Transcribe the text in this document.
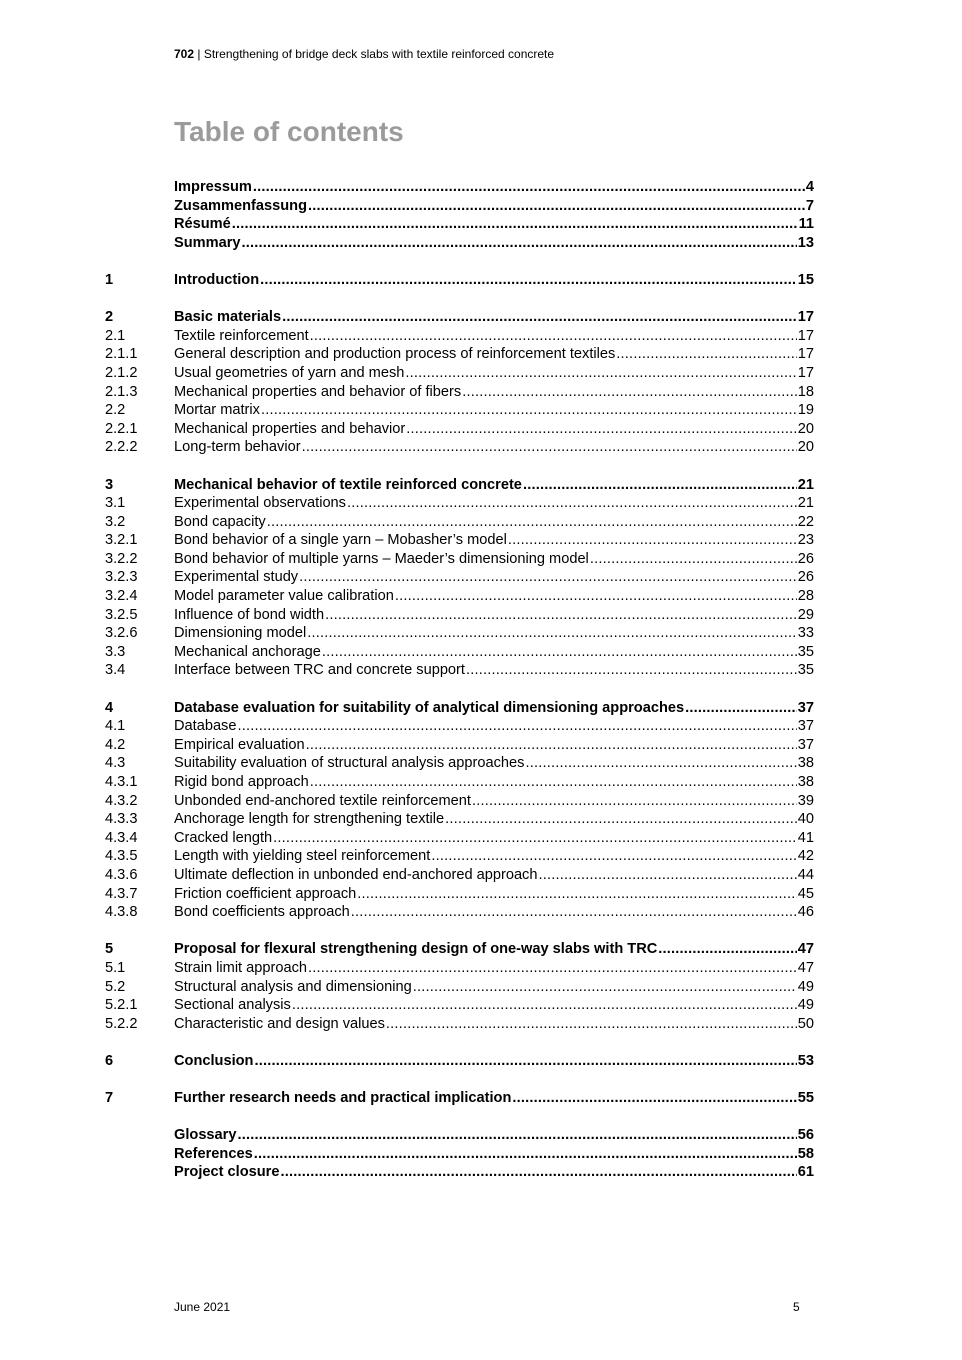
702 | Strengthening of bridge deck slabs with textile reinforced concrete
Table of contents
Impressum .....	4
Zusammenfassung .....	7
Résumé .....	11
Summary .....	13
1	Introduction .....	15
2	Basic materials .....	17
2.1	Textile reinforcement .....	17
2.1.1	General description and production process of reinforcement textiles .....	17
2.1.2	Usual geometries of yarn and mesh .....	17
2.1.3	Mechanical properties and behavior of fibers .....	18
2.2	Mortar matrix .....	19
2.2.1	Mechanical properties and behavior .....	20
2.2.2	Long-term behavior .....	20
3	Mechanical behavior of textile reinforced concrete .....	21
3.1	Experimental observations .....	21
3.2	Bond capacity .....	22
3.2.1	Bond behavior of a single yarn – Mobasher’s model .....	23
3.2.2	Bond behavior of multiple yarns – Maeder’s dimensioning model .....	26
3.2.3	Experimental study .....	26
3.2.4	Model parameter value calibration .....	28
3.2.5	Influence of bond width .....	29
3.2.6	Dimensioning model .....	33
3.3	Mechanical anchorage .....	35
3.4	Interface between TRC and concrete support .....	35
4	Database evaluation for suitability of analytical dimensioning approaches .....	37
4.1	Database .....	37
4.2	Empirical evaluation .....	37
4.3	Suitability evaluation of structural analysis approaches .....	38
4.3.1	Rigid bond approach .....	38
4.3.2	Unbonded end-anchored textile reinforcement .....	39
4.3.3	Anchorage length for strengthening textile .....	40
4.3.4	Cracked length .....	41
4.3.5	Length with yielding steel reinforcement .....	42
4.3.6	Ultimate deflection in unbonded end-anchored approach .....	44
4.3.7	Friction coefficient approach .....	45
4.3.8	Bond coefficients approach .....	46
5	Proposal for flexural strengthening design of one-way slabs with TRC .....	47
5.1	Strain limit approach .....	47
5.2	Structural analysis and dimensioning .....	49
5.2.1	Sectional analysis .....	49
5.2.2	Characteristic and design values .....	50
6	Conclusion .....	53
7	Further research needs and practical implication .....	55
Glossary .....	56
References .....	58
Project closure .....	61
June 2021	5
